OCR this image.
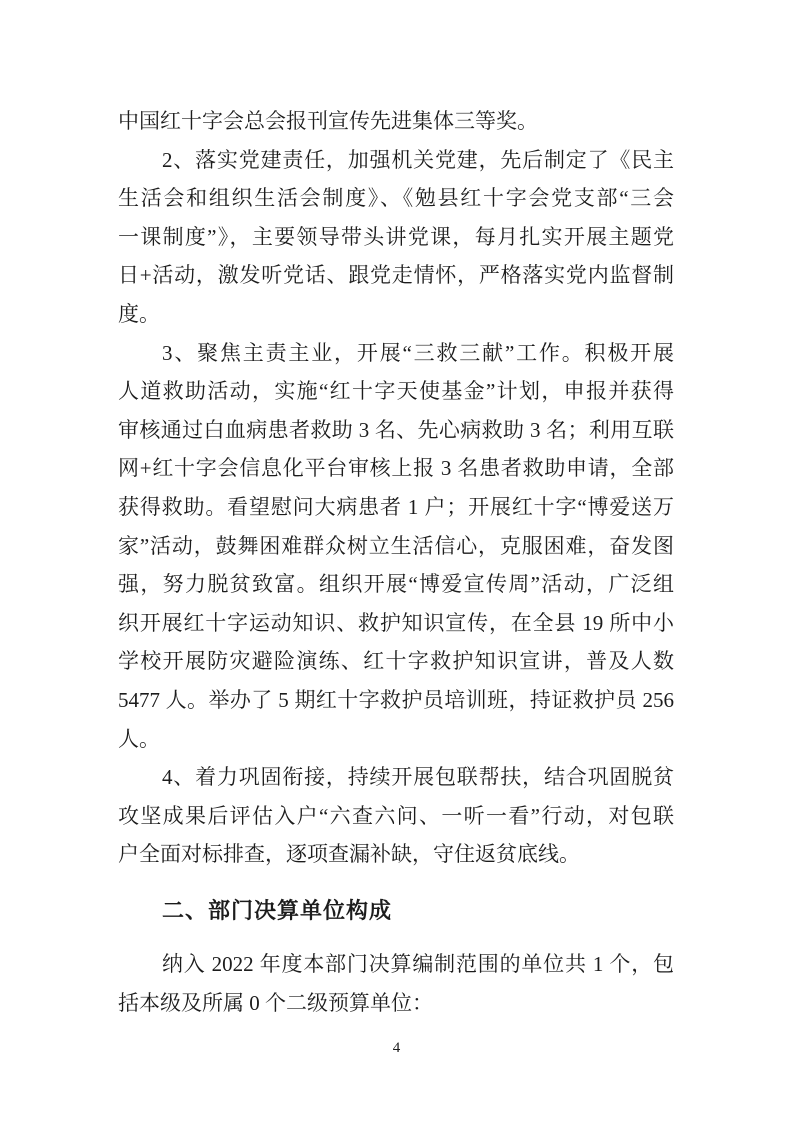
中国红十字会总会报刊宣传先进集体三等奖。
2、落实党建责任，加强机关党建，先后制定了《民主
生活会和组织生活会制度》、《勉县红十字会党支部“三会
一课制度”》，主要领导带头讲党课，每月扎实开展主题党
日+活动，激发听党话、跟党走情怀，严格落实党内监督制
度。
3、聚焦主责主业，开展“三救三献”工作。积极开展
人道救助活动，实施“红十字天使基金”计划，申报并获得
审核通过白血病患者救助 3 名、先心病救助 3 名；利用互联
网+红十字会信息化平台审核上报 3 名患者救助申请，全部
获得救助。看望慰问大病患者 1 户；开展红十字“博爱送万
家”活动，鼓舞困难群众树立生活信心，克服困难，奋发图
强，努力脱贫致富。组织开展“博爱宣传周”活动，广泛组
织开展红十字运动知识、救护知识宣传，在全县 19 所中小
学校开展防灾避险演练、红十字救护知识宣讲，普及人数
5477 人。举办了 5 期红十字救护员培训班，持证救护员 256
人。
4、着力巩固衔接，持续开展包联帮扶，结合巩固脱贫
攻坚成果后评估入户“六查六问、一听一看”行动，对包联
户全面对标排查，逐项查漏补缺，守住返贫底线。
二、部门决算单位构成
纳入 2022 年度本部门决算编制范围的单位共 1 个，包
括本级及所属 0 个二级预算单位：
4
